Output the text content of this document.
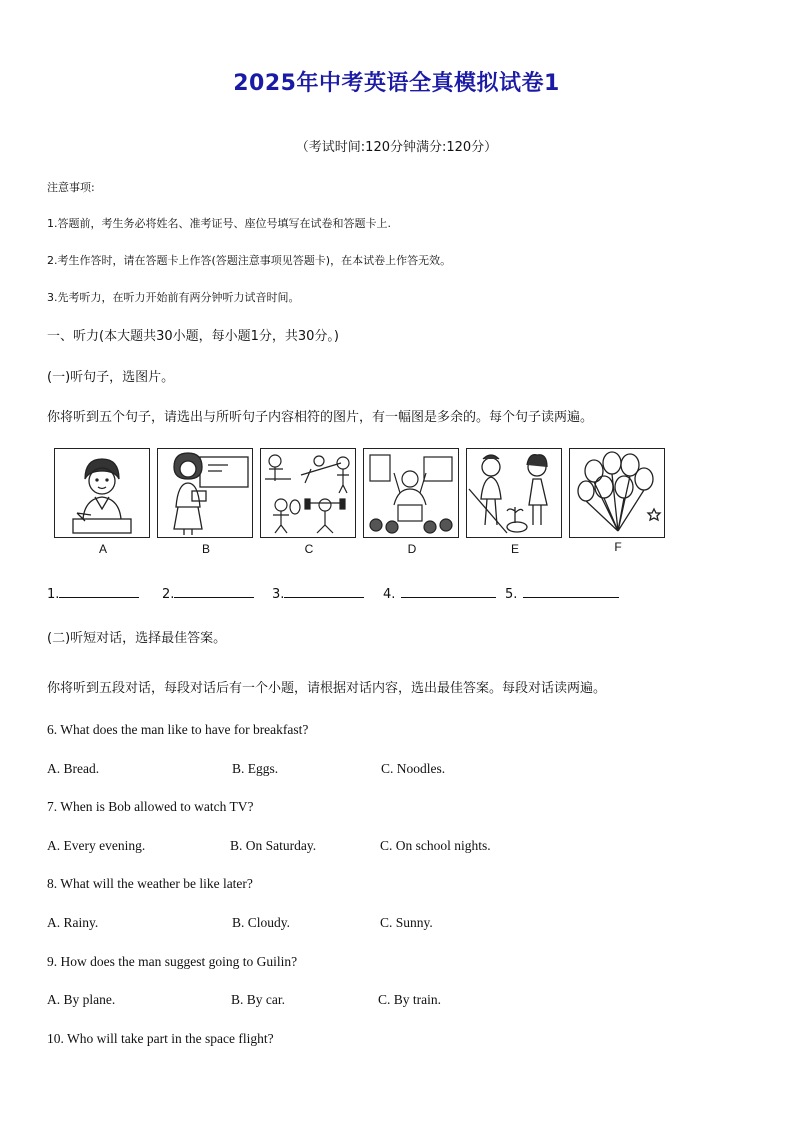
2025年中考英语全真模拟试卷1
（考试时间:120分钟满分:120分）
注意事项:
1.答题前，考生务必将姓名、准考证号、座位号填写在试卷和答题卡上.
2.考生作答时，请在答题卡上作答(答题注意事项见答题卡)，在本试卷上作答无效。
3.先考听力，在听力开始前有两分钟听力试音时间。
一、听力(本大题共30小题，每小题1分，共30分。)
(一)听句子，选图片。
你将听到五个句子，请选出与所听句子内容相符的图片，有一幅图是多余的。每个句子读两遍。
A	B	C	D	E	F
1.	2.	3.	4.	5.
(二)听短对话，选择最佳答案。
你将听到五段对话，每段对话后有一个小题，请根据对话内容，选出最佳答案。每段对话读两遍。
6. What does the man like to have for breakfast?
A. Bread.	B. Eggs.	C. Noodles.
7. When is Bob allowed to watch TV?
A. Every evening.	B. On Saturday.	C. On school nights.
8. What will the weather be like later?
A. Rainy.	B. Cloudy.	C. Sunny.
9. How does the man suggest going to Guilin?
A. By plane.	B. By car.	C. By train.
10. Who will take part in the space flight?
